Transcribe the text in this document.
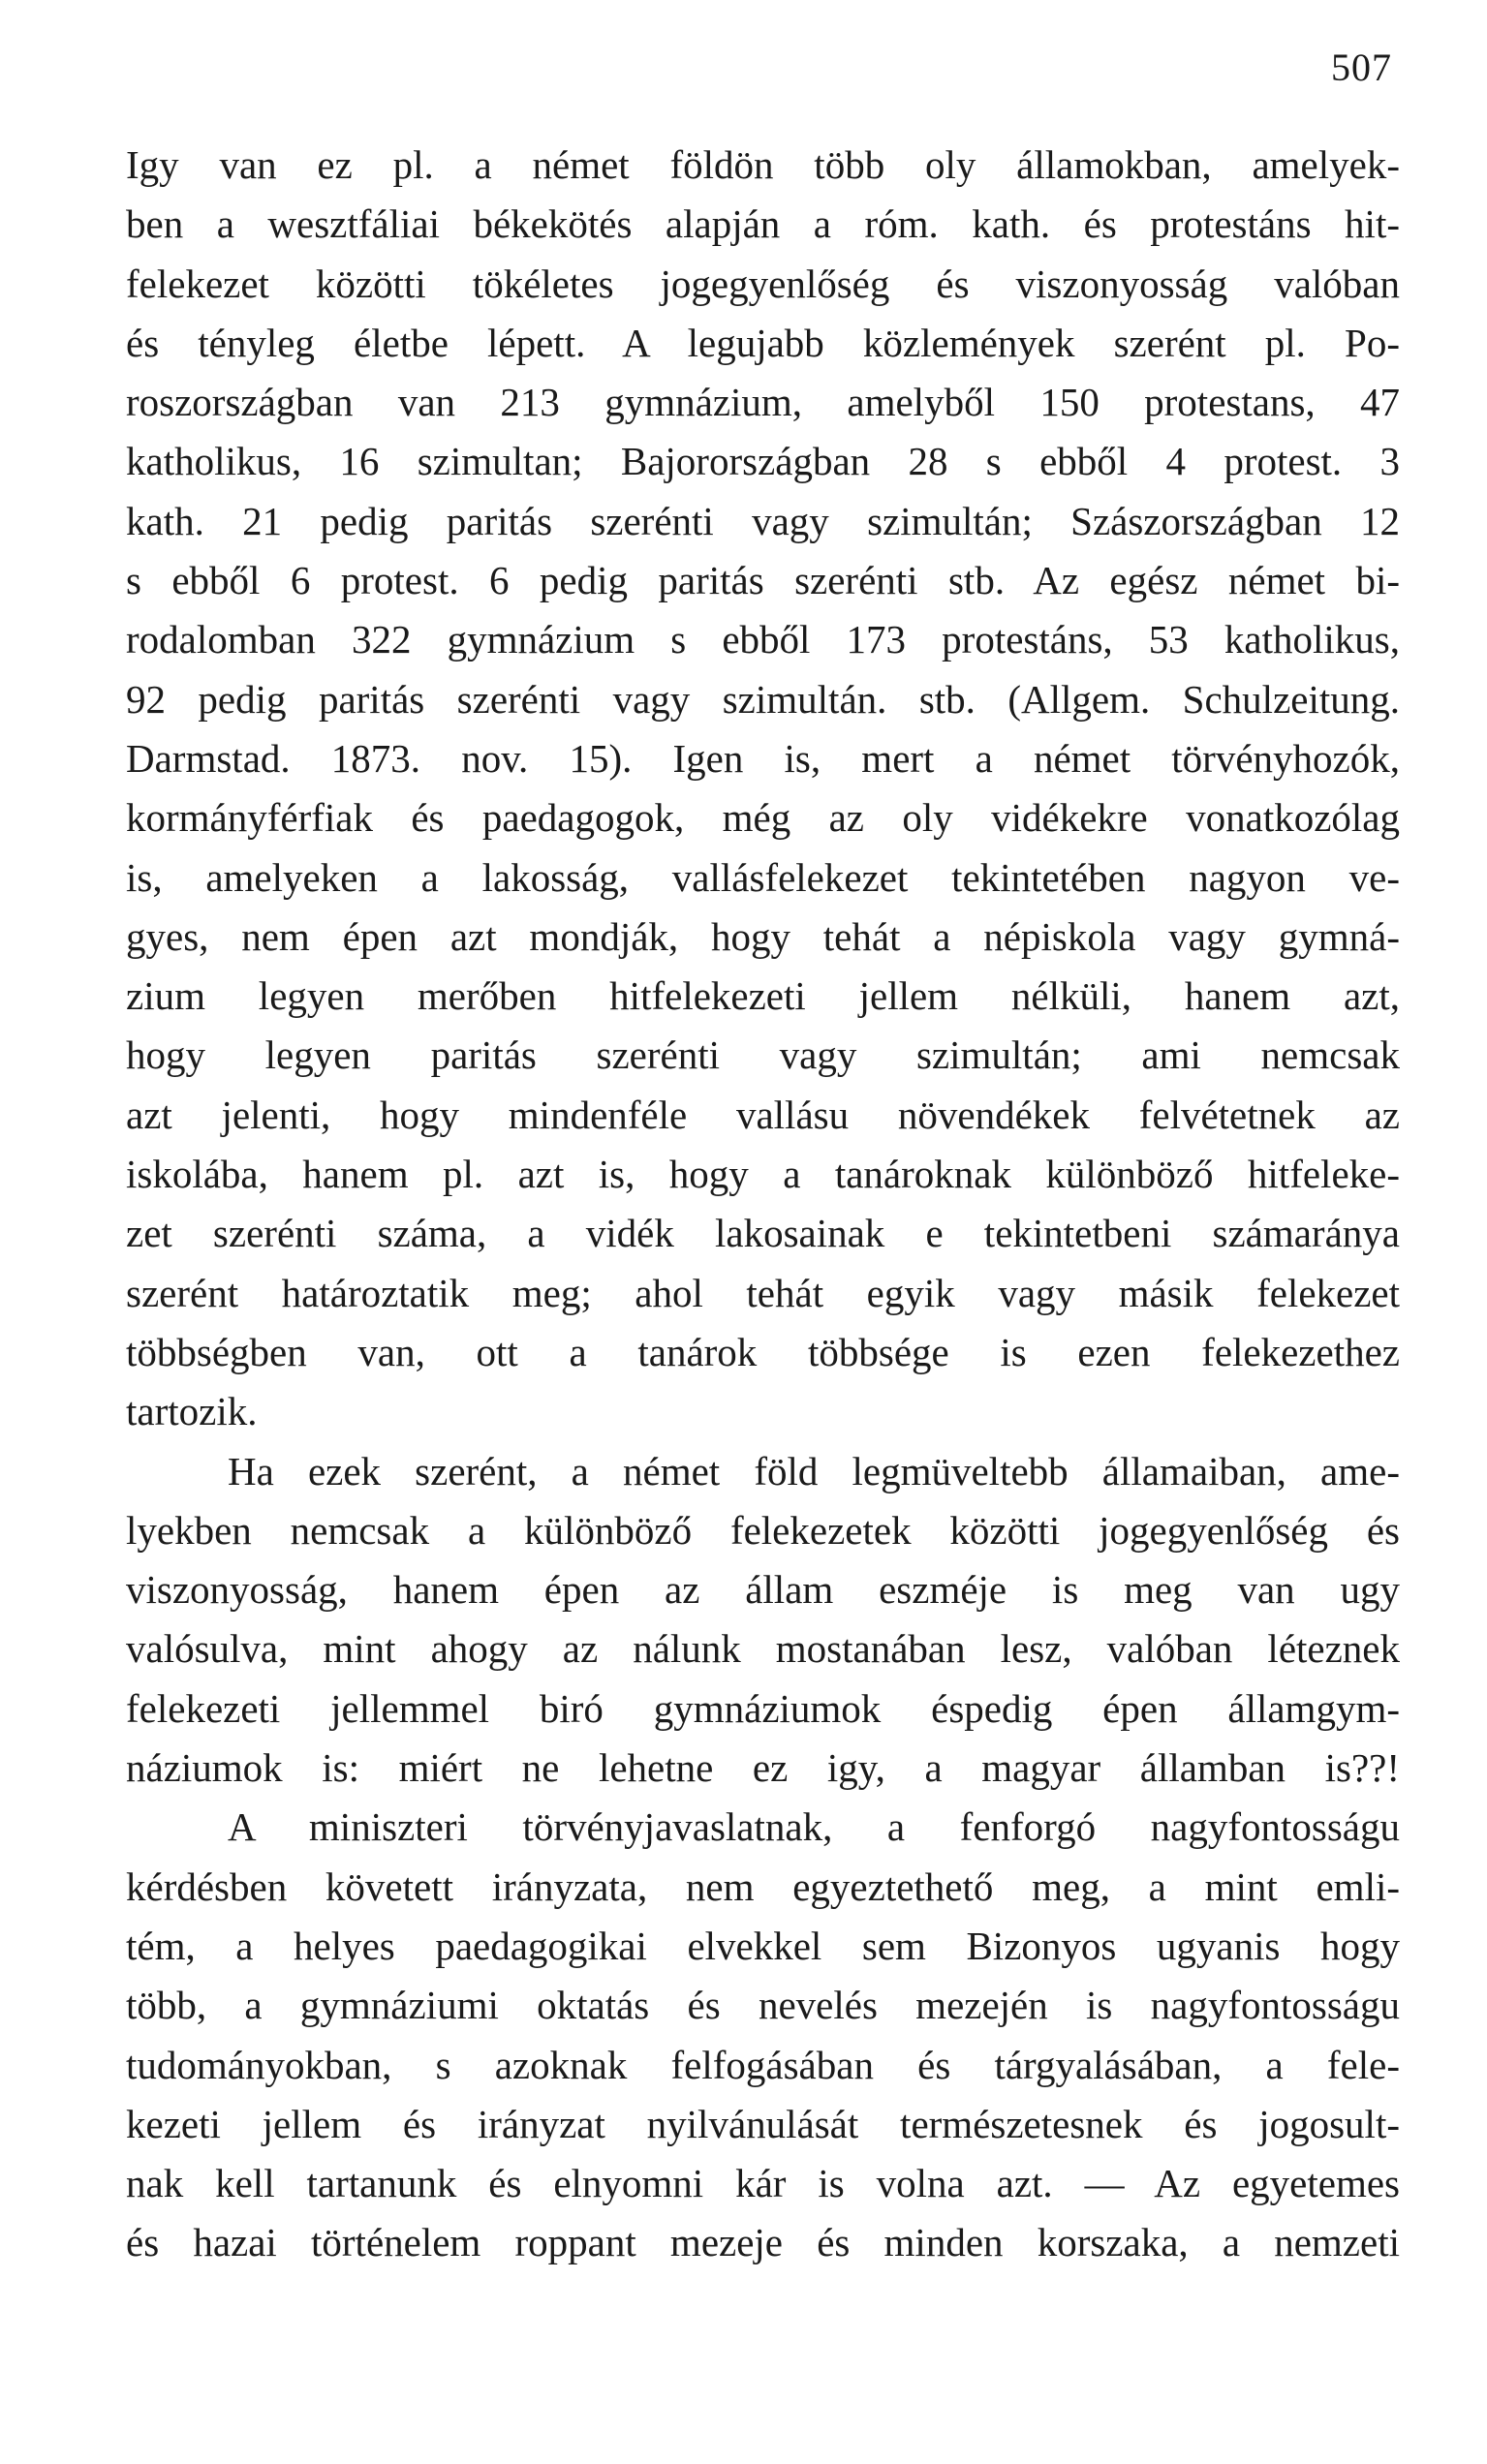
507
Igy van ez pl. a német földön több oly államokban, amelyek-
ben a wesztfáliai békekötés alapján a róm. kath. és protestáns hit-
felekezet közötti tökéletes jogegyenlőség és viszonyosság valóban
és tényleg életbe lépett. A legujabb közlemények szerént pl. Po-
roszországban van 213 gymnázium, amelyből 150 protestans, 47
katholikus, 16 szimultan; Bajorországban 28 s ebből 4 protest. 3
kath. 21 pedig paritás szerénti vagy szimultán; Szászországban 12
s ebből 6 protest. 6 pedig paritás szerénti stb. Az egész német bi-
rodalomban 322 gymnázium s ebből 173 protestáns, 53 katholikus,
92 pedig paritás szerénti vagy szimultán. stb. (Allgem. Schulzeitung.
Darmstad. 1873. nov. 15). Igen is, mert a német törvényhozók,
kormányférfiak és paedagogok, még az oly vidékekre vonatkozólag
is, amelyeken a lakosság, vallásfelekezet tekintetében nagyon ve-
gyes, nem épen azt mondják, hogy tehát a népiskola vagy gymná-
zium legyen merőben hitfelekezeti jellem nélküli, hanem azt,
hogy legyen paritás szerénti vagy szimultán; ami nemcsak
azt jelenti, hogy mindenféle vallásu növendékek felvétetnek az
iskolába, hanem pl. azt is, hogy a tanároknak különböző hitfeleke-
zet szerénti száma, a vidék lakosainak e tekintetbeni számaránya
szerént határoztatik meg; ahol tehát egyik vagy másik felekezet
többségben van, ott a tanárok többsége is ezen felekezethez
tartozik.
Ha ezek szerént, a német föld legmüveltebb államaiban, ame-
lyekben nemcsak a különböző felekezetek közötti jogegyenlőség és
viszonyosság, hanem épen az állam eszméje is meg van ugy
valósulva, mint ahogy az nálunk mostanában lesz, valóban léteznek
felekezeti jellemmel biró gymnáziumok éspedig épen államgym-
náziumok is: miért ne lehetne ez igy, a magyar államban is??!
A miniszteri törvényjavaslatnak, a fenforgó nagyfontosságu
kérdésben követett irányzata, nem egyeztethető meg, a mint emli-
tém, a helyes paedagogikai elvekkel sem Bizonyos ugyanis hogy
több, a gymnáziumi oktatás és nevelés mezején is nagyfontosságu
tudományokban, s azoknak felfogásában és tárgyalásában, a fele-
kezeti jellem és irányzat nyilvánulását természetesnek és jogosult-
nak kell tartanunk és elnyomni kár is volna azt. — Az egyetemes
és hazai történelem roppant mezeje és minden korszaka, a nemzeti
